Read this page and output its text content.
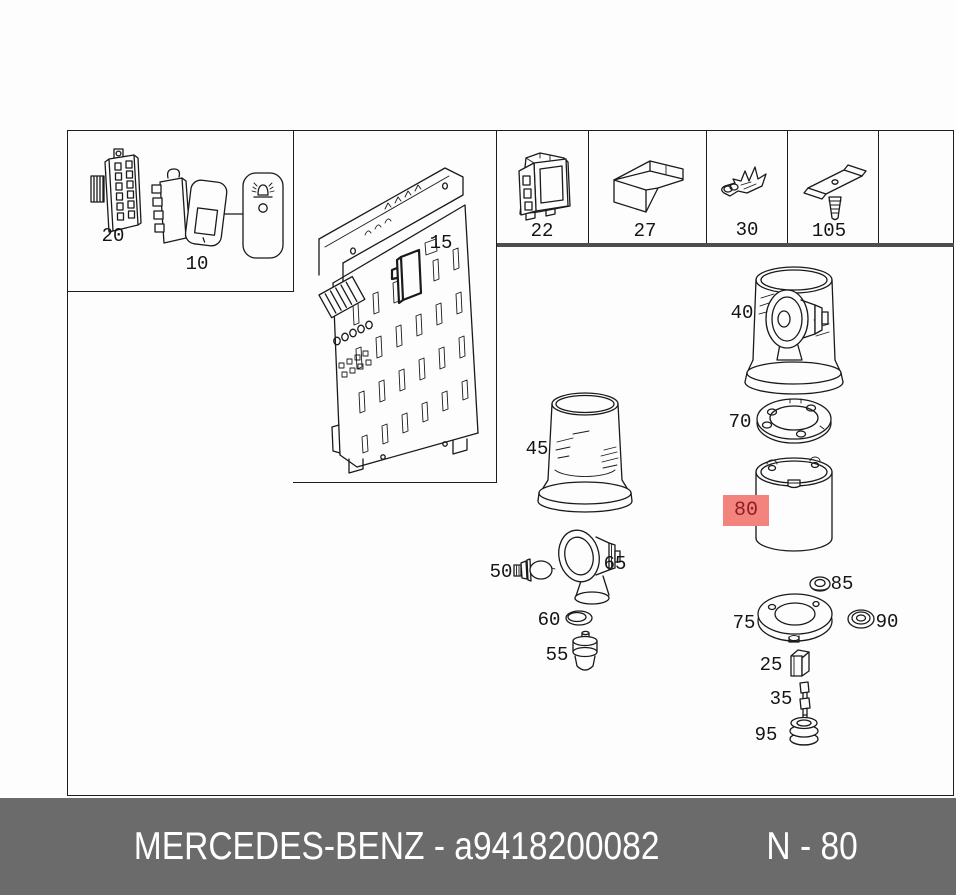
20
10
15
22	27	30	105
40
70
85
75	90
25
35
95
45
50	65
60
55
80
MERCEDES-BENZ - a9418200082	N - 80
